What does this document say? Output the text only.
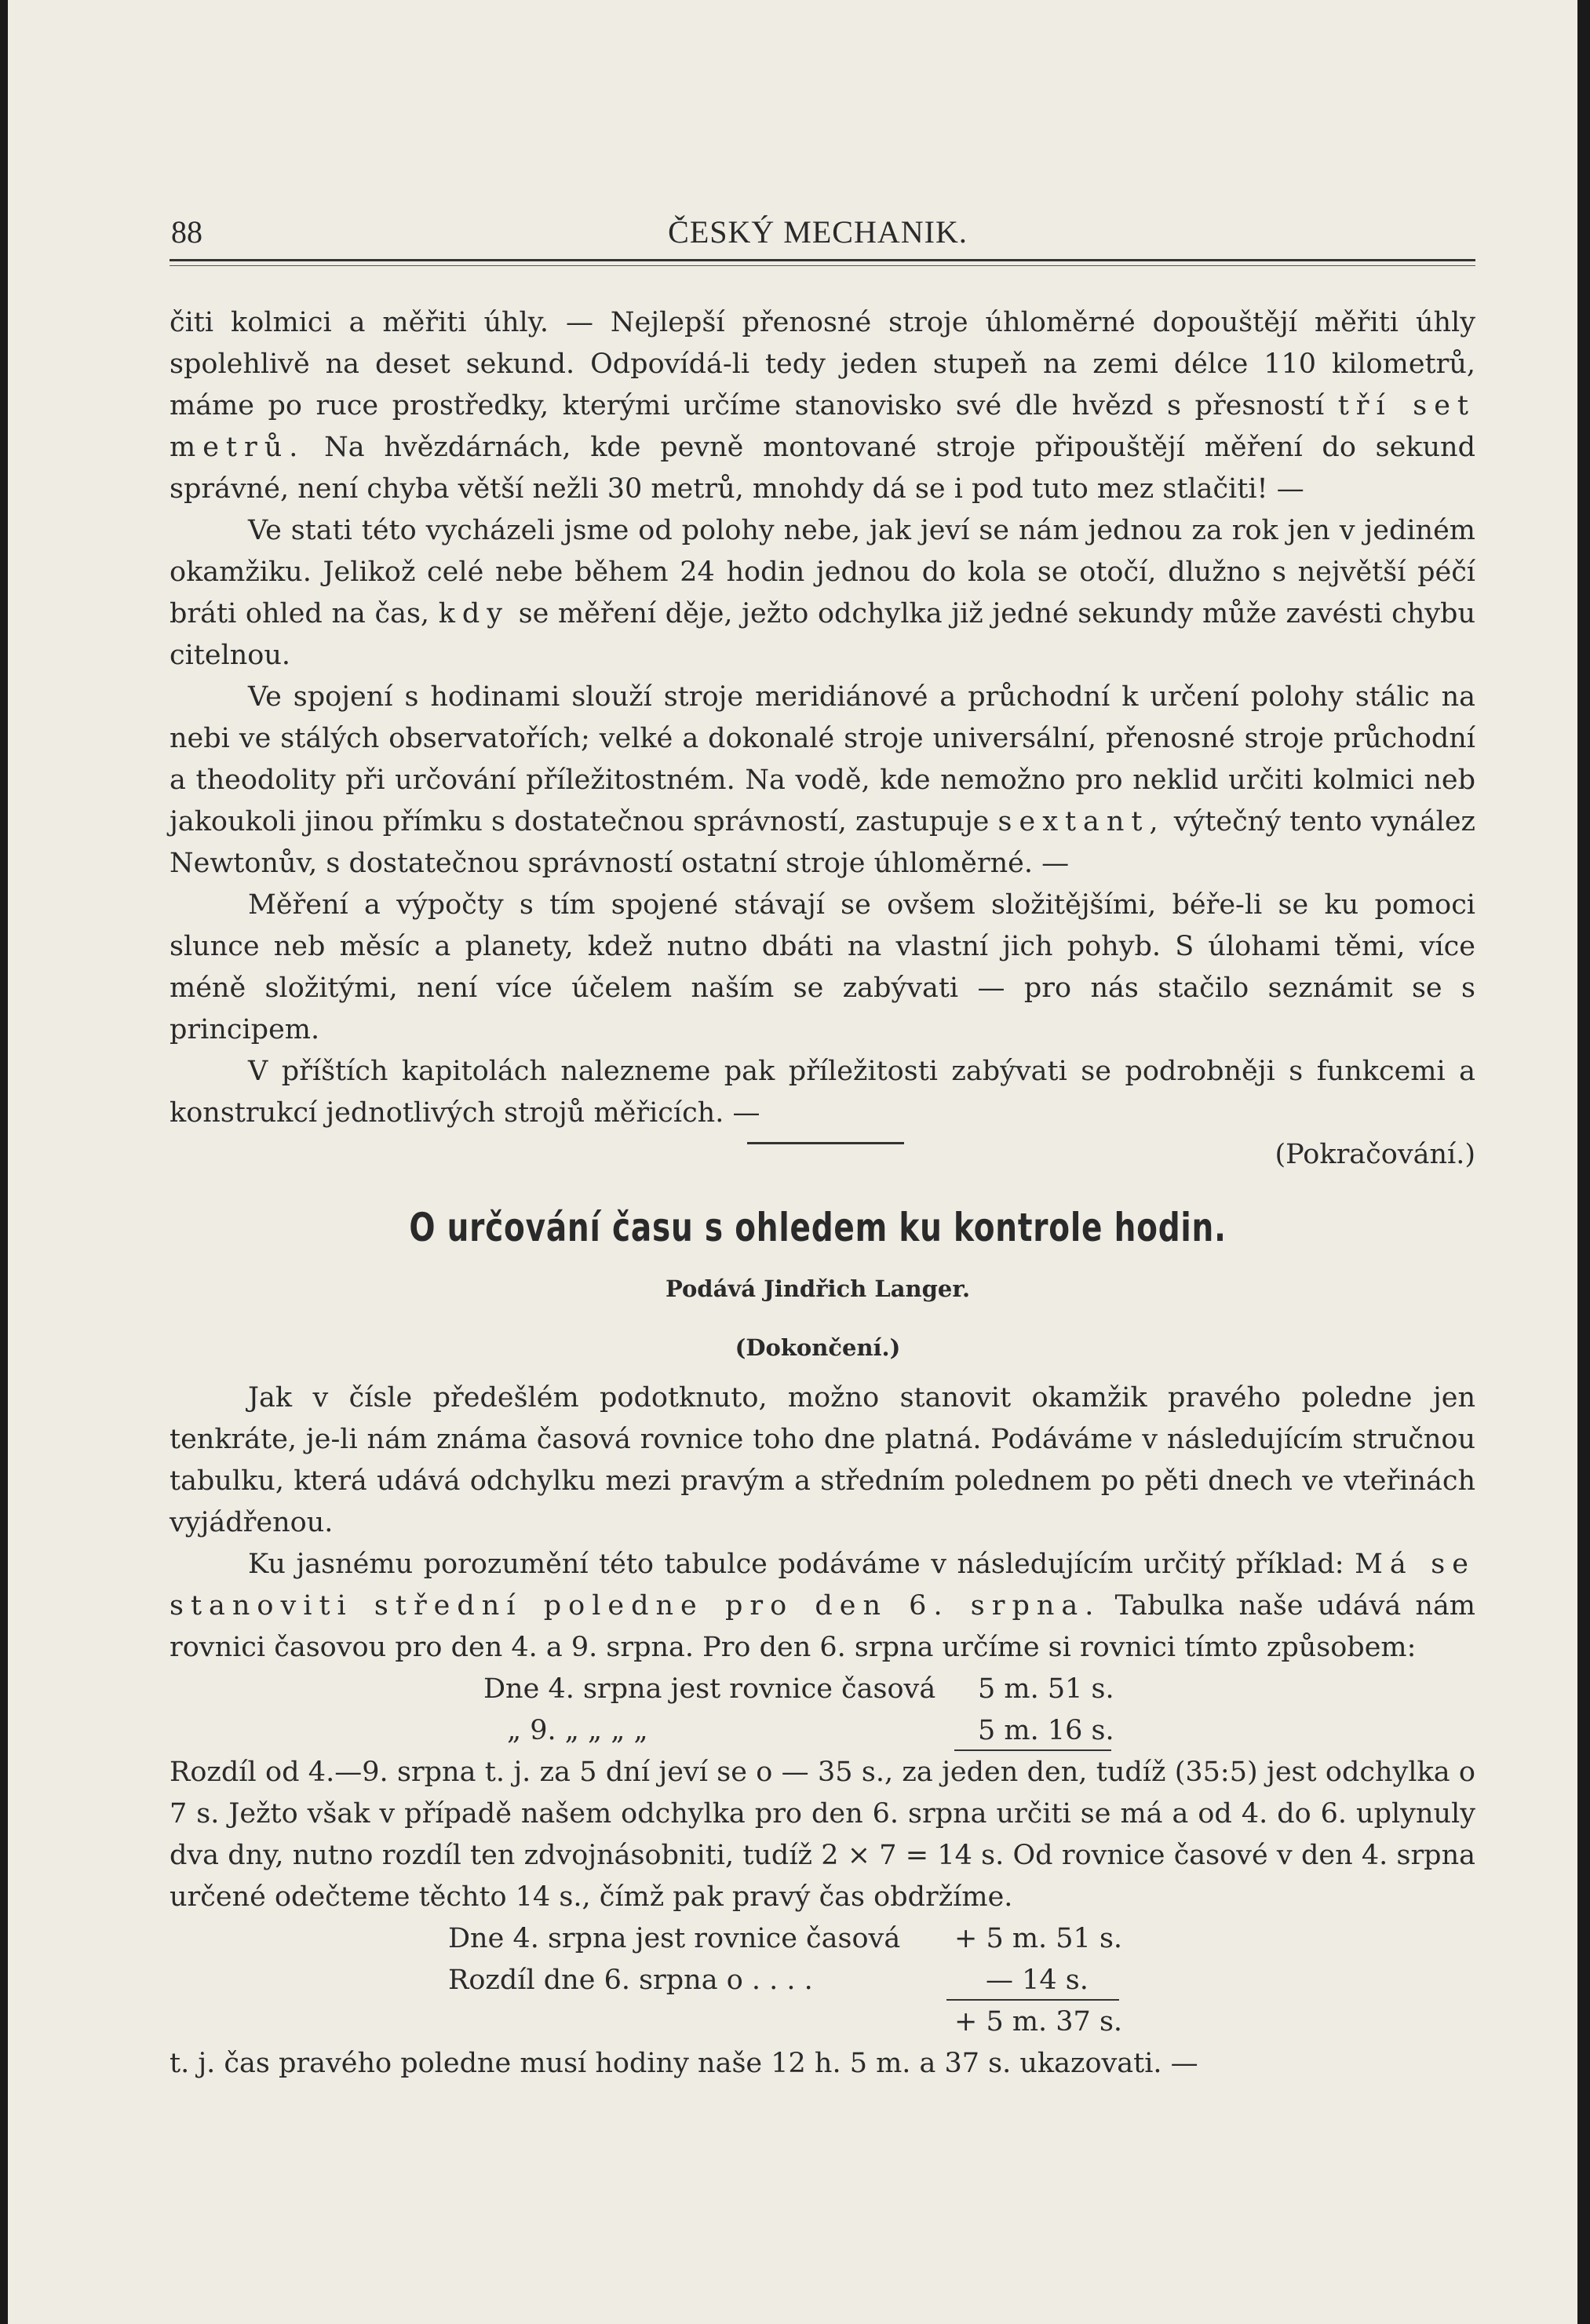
88	ČESKÝ MECHANIK.

čiti kolmici a měřiti úhly. — Nejlepší přenosné stroje úhloměrné dopouštějí měřiti úhly spolehlivě na deset sekund. Odpovídá-li tedy jeden stupeň na zemi délce 110 kilometrů, máme po ruce prostředky, kterými určíme stanovisko své dle hvězd s přesností tří set metrů. Na hvězdárnách, kde pevně montované stroje připouštějí měření do sekund správné, není chyba větší nežli 30 metrů, mnohdy dá se i pod tuto mez stlačiti! —

Ve stati této vycházeli jsme od polohy nebe, jak jeví se nám jednou za rok jen v jediném okamžiku. Jelikož celé nebe během 24 hodin jednou do kola se otočí, dlužno s největší péčí bráti ohled na čas, kdy se měření děje, ježto odchylka již jedné sekundy může zavésti chybu citelnou.

Ve spojení s hodinami slouží stroje meridiánové a průchodní k určení polohy stálic na nebi ve stálých observatořích; velké a dokonalé stroje universální, přenosné stroje průchodní a theodolity při určování příležitostném. Na vodě, kde nemožno pro neklid určiti kolmici neb jakoukoli jinou přímku s dostatečnou správností, zastupuje sextant, výtečný tento vynález Newtonův, s dostatečnou správností ostatní stroje úhloměrné. —

Měření a výpočty s tím spojené stávají se ovšem složitějšími, béře-li se ku pomoci slunce neb měsíc a planety, kdež nutno dbáti na vlastní jich pohyb. S úlohami těmi, více méně složitými, není více účelem naším se zabývati — pro nás stačilo seznámit se s principem.

V příštích kapitolách nalezneme pak příležitosti zabývati se podrobněji s funkcemi a konstrukcí jednotlivých strojů měřicích. —

(Pokračování.)
O určování času s ohledem ku kontrole hodin.
Podává Jindřich Langer.
(Dokončení.)

Jak v čísle předešlém podotknuto, možno stanovit okamžik pravého poledne jen tenkráte, je-li nám známa časová rovnice toho dne platná. Podáváme v následujícím stručnou tabulku, která udává odchylku mezi pravým a středním polednem po pěti dnech ve vteřinách vyjádřenou.

Ku jasnému porozumění této tabulce podáváme v následujícím určitý příklad: Má se stanoviti střední poledne pro den 6. srpna. Tabulka naše udává nám rovnici časovou pro den 4. a 9. srpna. Pro den 6. srpna určíme si rovnici tímto způsobem:

Dne 4. srpna jest rovnice časová 5 m. 51 s.
„ 9. „ „ „ „	5 m. 16 s.

Rozdíl od 4.—9. srpna t. j. za 5 dní jeví se o — 35 s., za jeden den, tudíž (35:5) jest odchylka o 7 s. Ježto však v případě našem odchylka pro den 6. srpna určiti se má a od 4. do 6. uplynuly dva dny, nutno rozdíl ten zdvojnásobniti, tudíž 2 × 7 = 14 s. Od rovnice časové v den 4. srpna určené odečteme těchto 14 s., čímž pak pravý čas obdržíme.

Dne 4. srpna jest rovnice časová + 5 m. 51 s.
Rozdíl dne 6. srpna o . . . .	— 14 s.
+ 5 m. 37 s.

t. j. čas pravého poledne musí hodiny naše 12 h. 5 m. a 37 s. ukazovati. —
